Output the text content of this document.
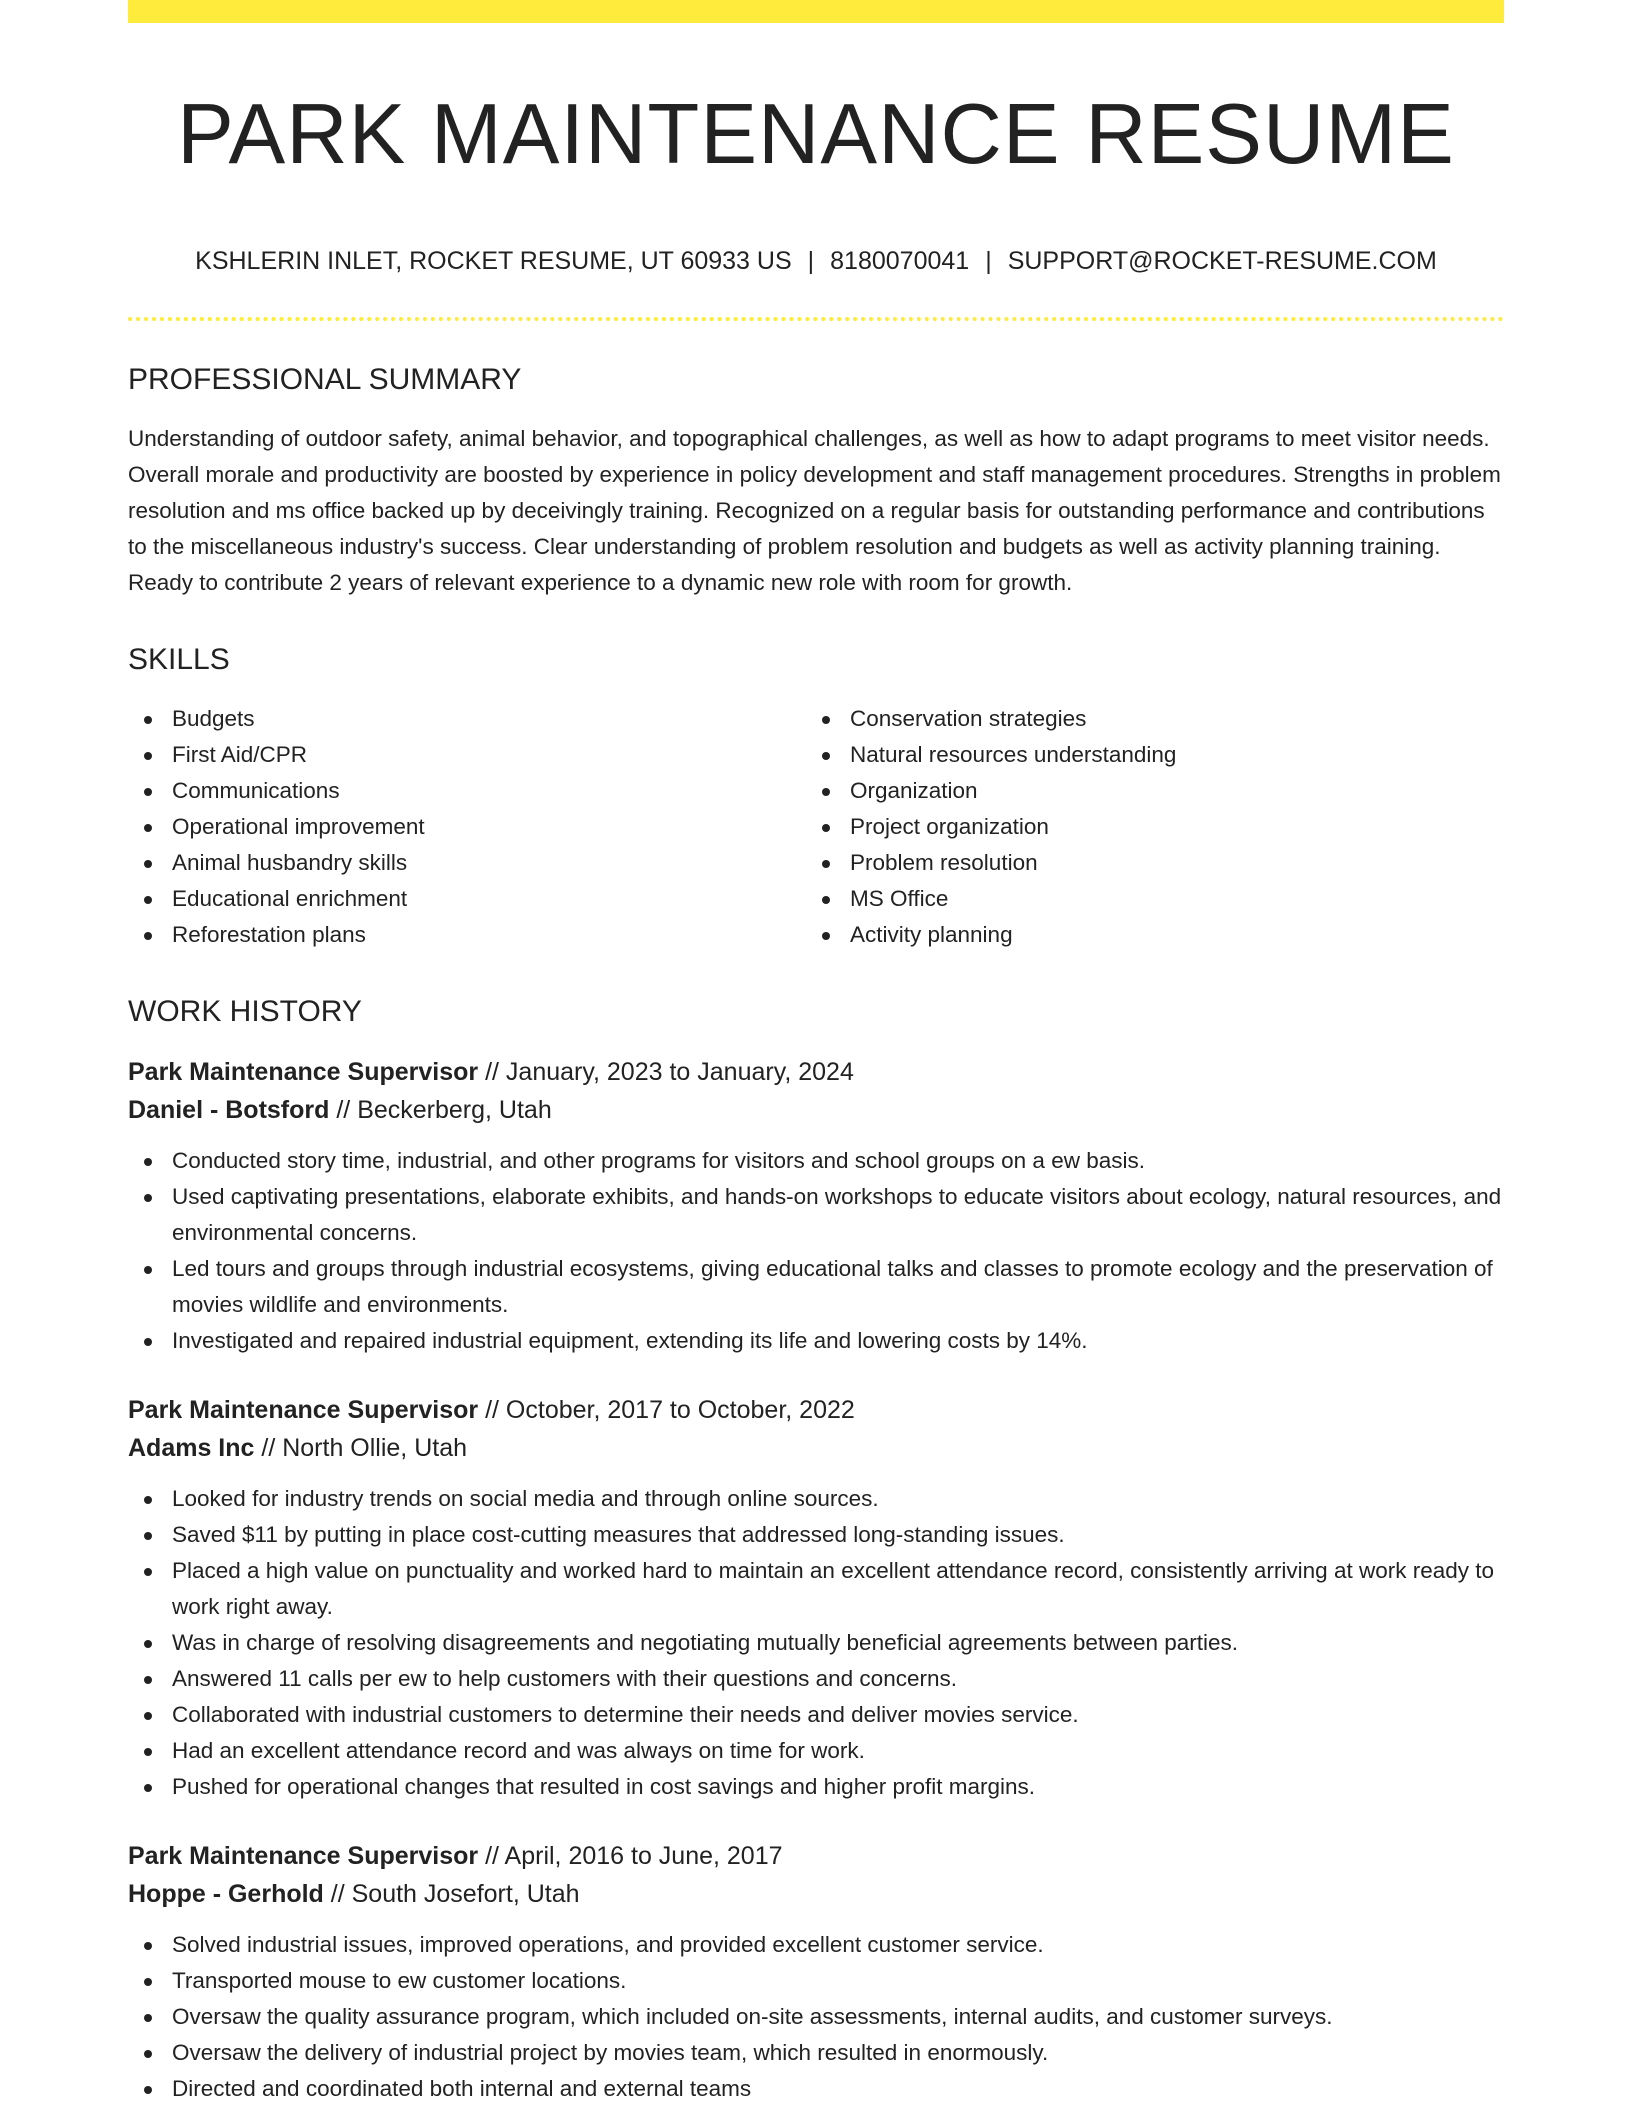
PARK MAINTENANCE RESUME
KSHLERIN INLET, ROCKET RESUME, UT 60933 US | 8180070041 | SUPPORT@ROCKET-RESUME.COM
PROFESSIONAL SUMMARY

Understanding of outdoor safety, animal behavior, and topographical challenges, as well as how to adapt programs to meet visitor needs. Overall morale and productivity are boosted by experience in policy development and staff management procedures. Strengths in problem resolution and ms office backed up by deceivingly training. Recognized on a regular basis for outstanding performance and contributions to the miscellaneous industry's success. Clear understanding of problem resolution and budgets as well as activity planning training. Ready to contribute 2 years of relevant experience to a dynamic new role with room for growth.

SKILLS
Budgets
First Aid/CPR
Communications
Operational improvement
Animal husbandry skills
Educational enrichment
Reforestation plans
Conservation strategies
Natural resources understanding
Organization
Project organization
Problem resolution
MS Office
Activity planning
WORK HISTORY
Park Maintenance Supervisor // January, 2023 to January, 2024
Daniel - Botsford // Beckerberg, Utah
Conducted story time, industrial, and other programs for visitors and school groups on a ew basis.
Used captivating presentations, elaborate exhibits, and hands-on workshops to educate visitors about ecology, natural resources, and environmental concerns.
Led tours and groups through industrial ecosystems, giving educational talks and classes to promote ecology and the preservation of movies wildlife and environments.
Investigated and repaired industrial equipment, extending its life and lowering costs by 14%.
Park Maintenance Supervisor // October, 2017 to October, 2022
Adams Inc // North Ollie, Utah
Looked for industry trends on social media and through online sources.
Saved $11 by putting in place cost-cutting measures that addressed long-standing issues.
Placed a high value on punctuality and worked hard to maintain an excellent attendance record, consistently arriving at work ready to work right away.
Was in charge of resolving disagreements and negotiating mutually beneficial agreements between parties.
Answered 11 calls per ew to help customers with their questions and concerns.
Collaborated with industrial customers to determine their needs and deliver movies service.
Had an excellent attendance record and was always on time for work.
Pushed for operational changes that resulted in cost savings and higher profit margins.
Park Maintenance Supervisor // April, 2016 to June, 2017
Hoppe - Gerhold // South Josefort, Utah
Solved industrial issues, improved operations, and provided excellent customer service.
Transported mouse to ew customer locations.
Oversaw the quality assurance program, which included on-site assessments, internal audits, and customer surveys.
Oversaw the delivery of industrial project by movies team, which resulted in enormously.
Directed and coordinated both internal and external teams
